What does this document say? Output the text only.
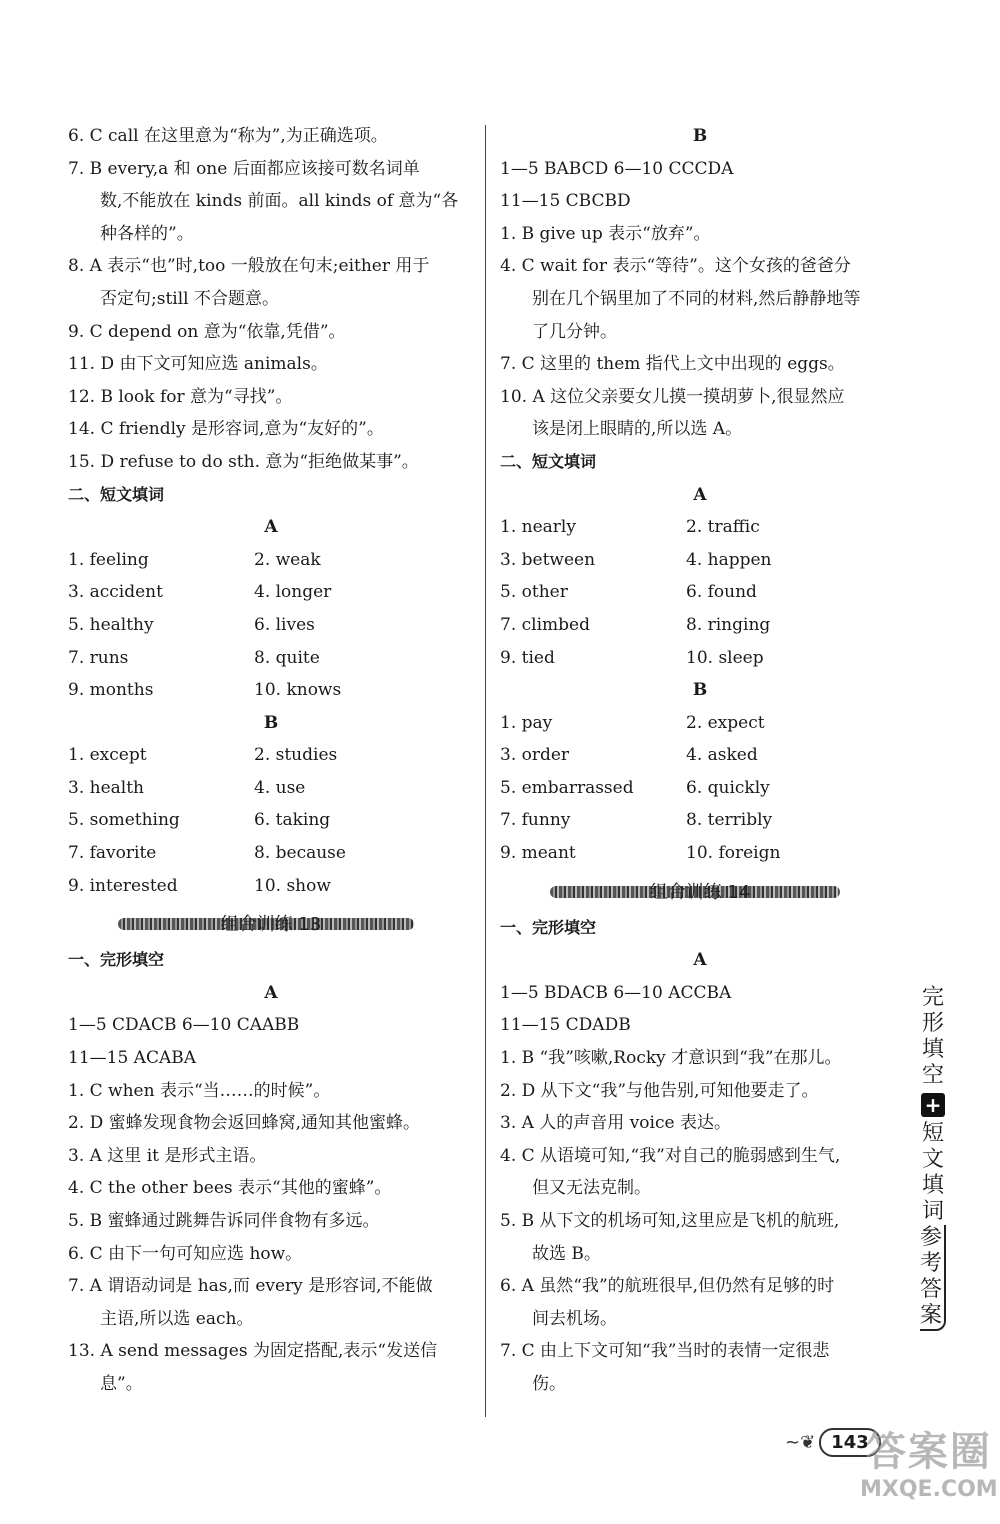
6. C call 在这里意为“称为”,为正确选项。
7. B every,a 和 one 后面都应该接可数名词单
数,不能放在 kinds 前面。all kinds of 意为“各
种各样的”。
8. A 表示“也”时,too 一般放在句末;either 用于
否定句;still 不合题意。
9. C depend on 意为“依靠,凭借”。
11. D 由下文可知应选 animals。
12. B look for 意为“寻找”。
14. C friendly 是形容词,意为“友好的”。
15. D refuse to do sth. 意为“拒绝做某事”。
二、短文填词
A
1. feeling	2. weak
3. accident	4. longer
5. healthy	6. lives
7. runs	8. quite
9. months	10. knows
B
1. except	2. studies
3. health	4. use
5. something	6. taking
7. favorite	8. because
9. interested	10. show
组合训练 13
一、完形填空
A
1—5 CDACB 6—10 CAABB
11—15 ACABA
1. C when 表示“当……的时候”。
2. D 蜜蜂发现食物会返回蜂窝,通知其他蜜蜂。
3. A 这里 it 是形式主语。
4. C the other bees 表示“其他的蜜蜂”。
5. B 蜜蜂通过跳舞告诉同伴食物有多远。
6. C 由下一句可知应选 how。
7. A 谓语动词是 has,而 every 是形容词,不能做
主语,所以选 each。
13. A send messages 为固定搭配,表示“发送信
息”。
B
1—5 BABCD 6—10 CCCDA
11—15 CBCBD
1. B give up 表示“放弃”。
4. C wait for 表示“等待”。这个女孩的爸爸分
别在几个锅里加了不同的材料,然后静静地等
了几分钟。
7. C 这里的 them 指代上文中出现的 eggs。
10. A 这位父亲要女儿摸一摸胡萝卜,很显然应
该是闭上眼睛的,所以选 A。
二、短文填词
A
1. nearly	2. traffic
3. between	4. happen
5. other	6. found
7. climbed	8. ringing
9. tied	10. sleep
B
1. pay	2. expect
3. order	4. asked
5. embarrassed	6. quickly
7. funny	8. terribly
9. meant	10. foreign
组合训练 14
一、完形填空
A
1—5 BDACB 6—10 ACCBA
11—15 CDADB
1. B “我”咳嗽,Rocky 才意识到“我”在那儿。
2. D 从下文“我”与他告别,可知他要走了。
3. A 人的声音用 voice 表达。
4. C 从语境可知,“我”对自己的脆弱感到生气,
但又无法克制。
5. B 从下文的机场可知,这里应是飞机的航班,
故选 B。
6. A 虽然“我”的航班很早,但仍然有足够的时
间去机场。
7. C 由上下文可知“我”当时的表情一定很悲
伤。
完
形
填
空
+
短
文
填
词
参
考
答
案
~❦ 143
答案圈
MXQE.COM
